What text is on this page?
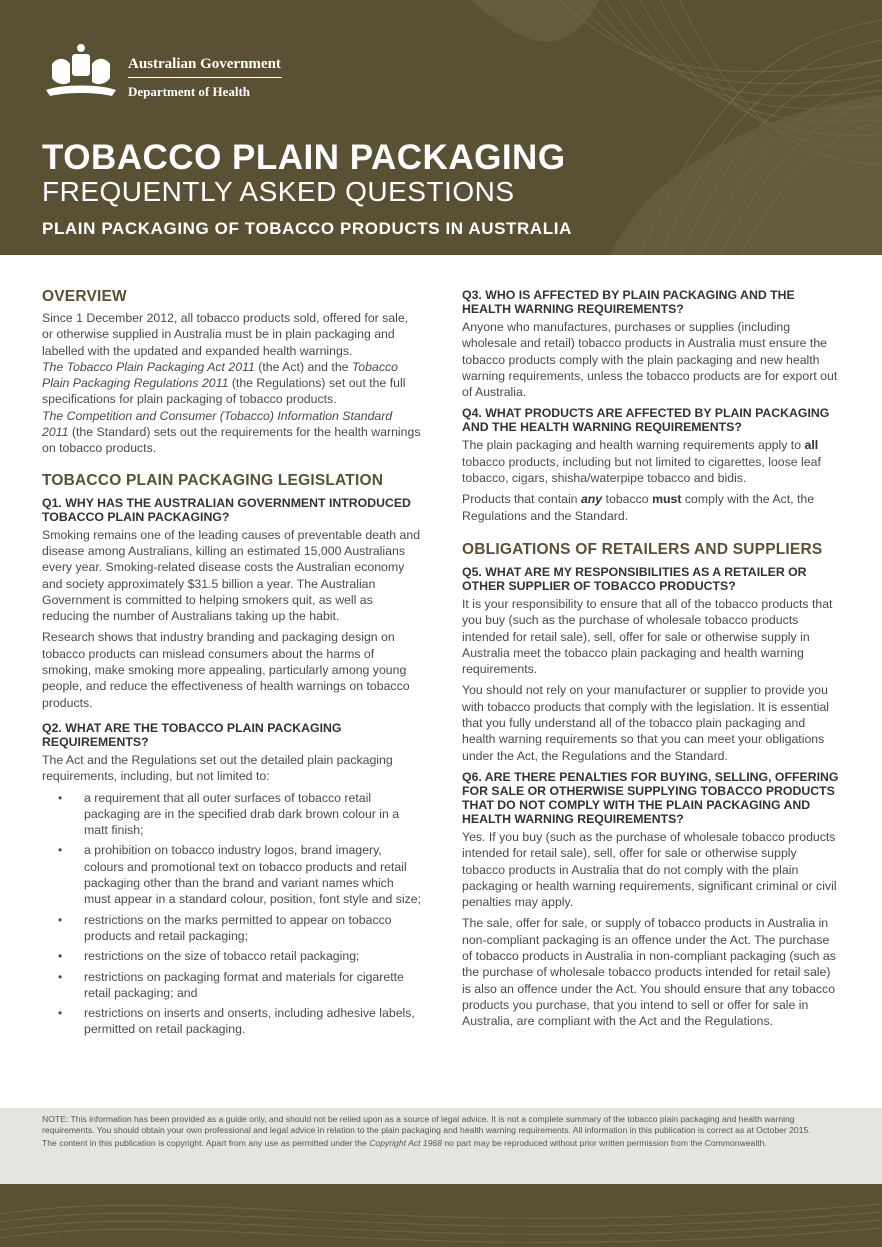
Australian Government
Department of Health
TOBACCO PLAIN PACKAGING
FREQUENTLY ASKED QUESTIONS
PLAIN PACKAGING OF TOBACCO PRODUCTS IN AUSTRALIA
OVERVIEW

Since 1 December 2012, all tobacco products sold, offered for sale, or otherwise supplied in Australia must be in plain packaging and labelled with the updated and expanded health warnings.

The Tobacco Plain Packaging Act 2011 (the Act) and the Tobacco Plain Packaging Regulations 2011 (the Regulations) set out the full specifications for plain packaging of tobacco products.

The Competition and Consumer (Tobacco) Information Standard 2011 (the Standard) sets out the requirements for the health warnings on tobacco products.

TOBACCO PLAIN PACKAGING LEGISLATION
Q1. WHY HAS THE AUSTRALIAN GOVERNMENT INTRODUCED TOBACCO PLAIN PACKAGING?

Smoking remains one of the leading causes of preventable death and disease among Australians, killing an estimated 15,000 Australians every year. Smoking-related disease costs the Australian economy and society approximately $31.5 billion a year. The Australian Government is committed to helping smokers quit, as well as reducing the number of Australians taking up the habit.

Research shows that industry branding and packaging design on tobacco products can mislead consumers about the harms of smoking, make smoking more appealing, particularly among young people, and reduce the effectiveness of health warnings on tobacco products.

Q2. WHAT ARE THE TOBACCO PLAIN PACKAGING REQUIREMENTS?

The Act and the Regulations set out the detailed plain packaging requirements, including, but not limited to:

• a requirement that all outer surfaces of tobacco retail packaging are in the specified drab dark brown colour in a matt finish;
• a prohibition on tobacco industry logos, brand imagery, colours and promotional text on tobacco products and retail packaging other than the brand and variant names which must appear in a standard colour, position, font style and size;
• restrictions on the marks permitted to appear on tobacco products and retail packaging;
• restrictions on the size of tobacco retail packaging;
• restrictions on packaging format and materials for cigarette retail packaging; and
• restrictions on inserts and onserts, including adhesive labels, permitted on retail packaging.
Q3. WHO IS AFFECTED BY PLAIN PACKAGING AND THE HEALTH WARNING REQUIREMENTS?

Anyone who manufactures, purchases or supplies (including wholesale and retail) tobacco products in Australia must ensure the tobacco products comply with the plain packaging and new health warning requirements, unless the tobacco products are for export out of Australia.

Q4. WHAT PRODUCTS ARE AFFECTED BY PLAIN PACKAGING AND THE HEALTH WARNING REQUIREMENTS?

The plain packaging and health warning requirements apply to all tobacco products, including but not limited to cigarettes, loose leaf tobacco, cigars, shisha/waterpipe tobacco and bidis.

Products that contain any tobacco must comply with the Act, the Regulations and the Standard.

OBLIGATIONS OF RETAILERS AND SUPPLIERS
Q5. WHAT ARE MY RESPONSIBILITIES AS A RETAILER OR OTHER SUPPLIER OF TOBACCO PRODUCTS?

It is your responsibility to ensure that all of the tobacco products that you buy (such as the purchase of wholesale tobacco products intended for retail sale), sell, offer for sale or otherwise supply in Australia meet the tobacco plain packaging and health warning requirements.

You should not rely on your manufacturer or supplier to provide you with tobacco products that comply with the legislation. It is essential that you fully understand all of the tobacco plain packaging and health warning requirements so that you can meet your obligations under the Act, the Regulations and the Standard.

Q6. ARE THERE PENALTIES FOR BUYING, SELLING, OFFERING FOR SALE OR OTHERWISE SUPPLYING TOBACCO PRODUCTS THAT DO NOT COMPLY WITH THE PLAIN PACKAGING AND HEALTH WARNING REQUIREMENTS?

Yes. If you buy (such as the purchase of wholesale tobacco products intended for retail sale), sell, offer for sale or otherwise supply tobacco products in Australia that do not comply with the plain packaging or health warning requirements, significant criminal or civil penalties may apply.

The sale, offer for sale, or supply of tobacco products in Australia in non-compliant packaging is an offence under the Act. The purchase of tobacco products in Australia in non-compliant packaging (such as the purchase of wholesale tobacco products intended for retail sale) is also an offence under the Act. You should ensure that any tobacco products you purchase, that you intend to sell or offer for sale in Australia, are compliant with the Act and the Regulations.

NOTE: This information has been provided as a guide only, and should not be relied upon as a source of legal advice. It is not a complete summary of the tobacco plain packaging and health warning requirements. You should obtain your own professional and legal advice in relation to the plain packaging and health warning requirements. All information in this publication is correct as at October 2015.

The content in this publication is copyright. Apart from any use as permitted under the Copyright Act 1968 no part may be reproduced without prior written permission from the Commonwealth.
